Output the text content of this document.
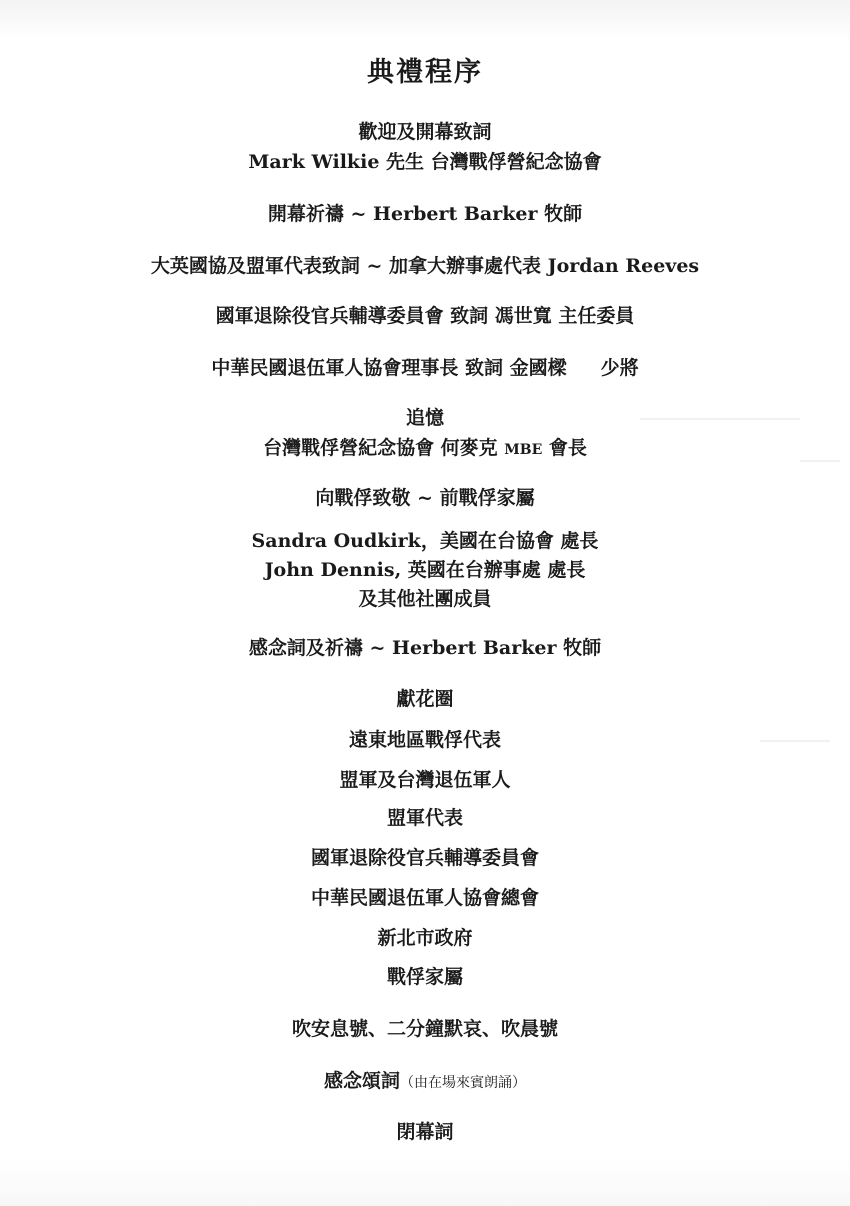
典禮程序
歡迎及開幕致詞
Mark Wilkie 先生 台灣戰俘營紀念協會
開幕祈禱 ~ Herbert Barker 牧師
大英國協及盟軍代表致詞 ~ 加拿大辦事處代表 Jordan Reeves
國軍退除役官兵輔導委員會 致詞 馮世寬 主任委員
中華民國退伍軍人協會理事長 致詞 金國樑 少將
追憶
台灣戰俘營紀念協會 何麥克 MBE 會長
向戰俘致敬 ~ 前戰俘家屬
Sandra Oudkirk，美國在台協會 處長
John Dennis, 英國在台辦事處 處長
及其他社團成員
感念詞及祈禱 ~ Herbert Barker 牧師
獻花圈
遠東地區戰俘代表
盟軍及台灣退伍軍人
盟軍代表
國軍退除役官兵輔導委員會
中華民國退伍軍人協會總會
新北市政府
戰俘家屬
吹安息號、二分鐘默哀、吹晨號
感念頌詞（由在場來賓朗誦）
閉幕詞
